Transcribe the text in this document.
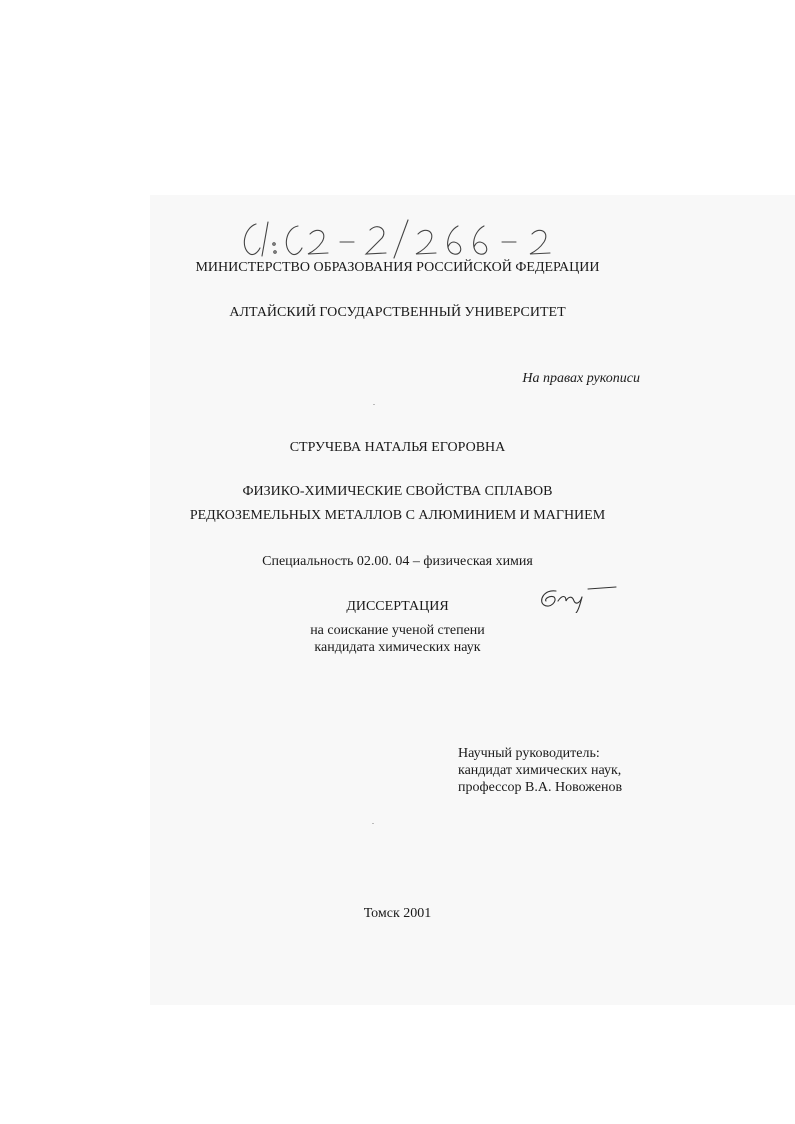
МИНИСТЕРСТВО ОБРАЗОВАНИЯ РОССИЙСКОЙ ФЕДЕРАЦИИ
АЛТАЙСКИЙ ГОСУДАРСТВЕННЫЙ УНИВЕРСИТЕТ
На правах рукописи
СТРУЧЕВА НАТАЛЬЯ ЕГОРОВНА
ФИЗИКО-ХИМИЧЕСКИЕ СВОЙСТВА СПЛАВОВ
РЕДКОЗЕМЕЛЬНЫХ МЕТАЛЛОВ С АЛЮМИНИЕМ И МАГНИЕМ
Специальность 02.00. 04 – физическая химия
ДИССЕРТАЦИЯ
на соискание ученой степени
кандидата химических наук
Научный руководитель:
кандидат химических наук,
профессор В.А. Новоженов
Томск 2001
